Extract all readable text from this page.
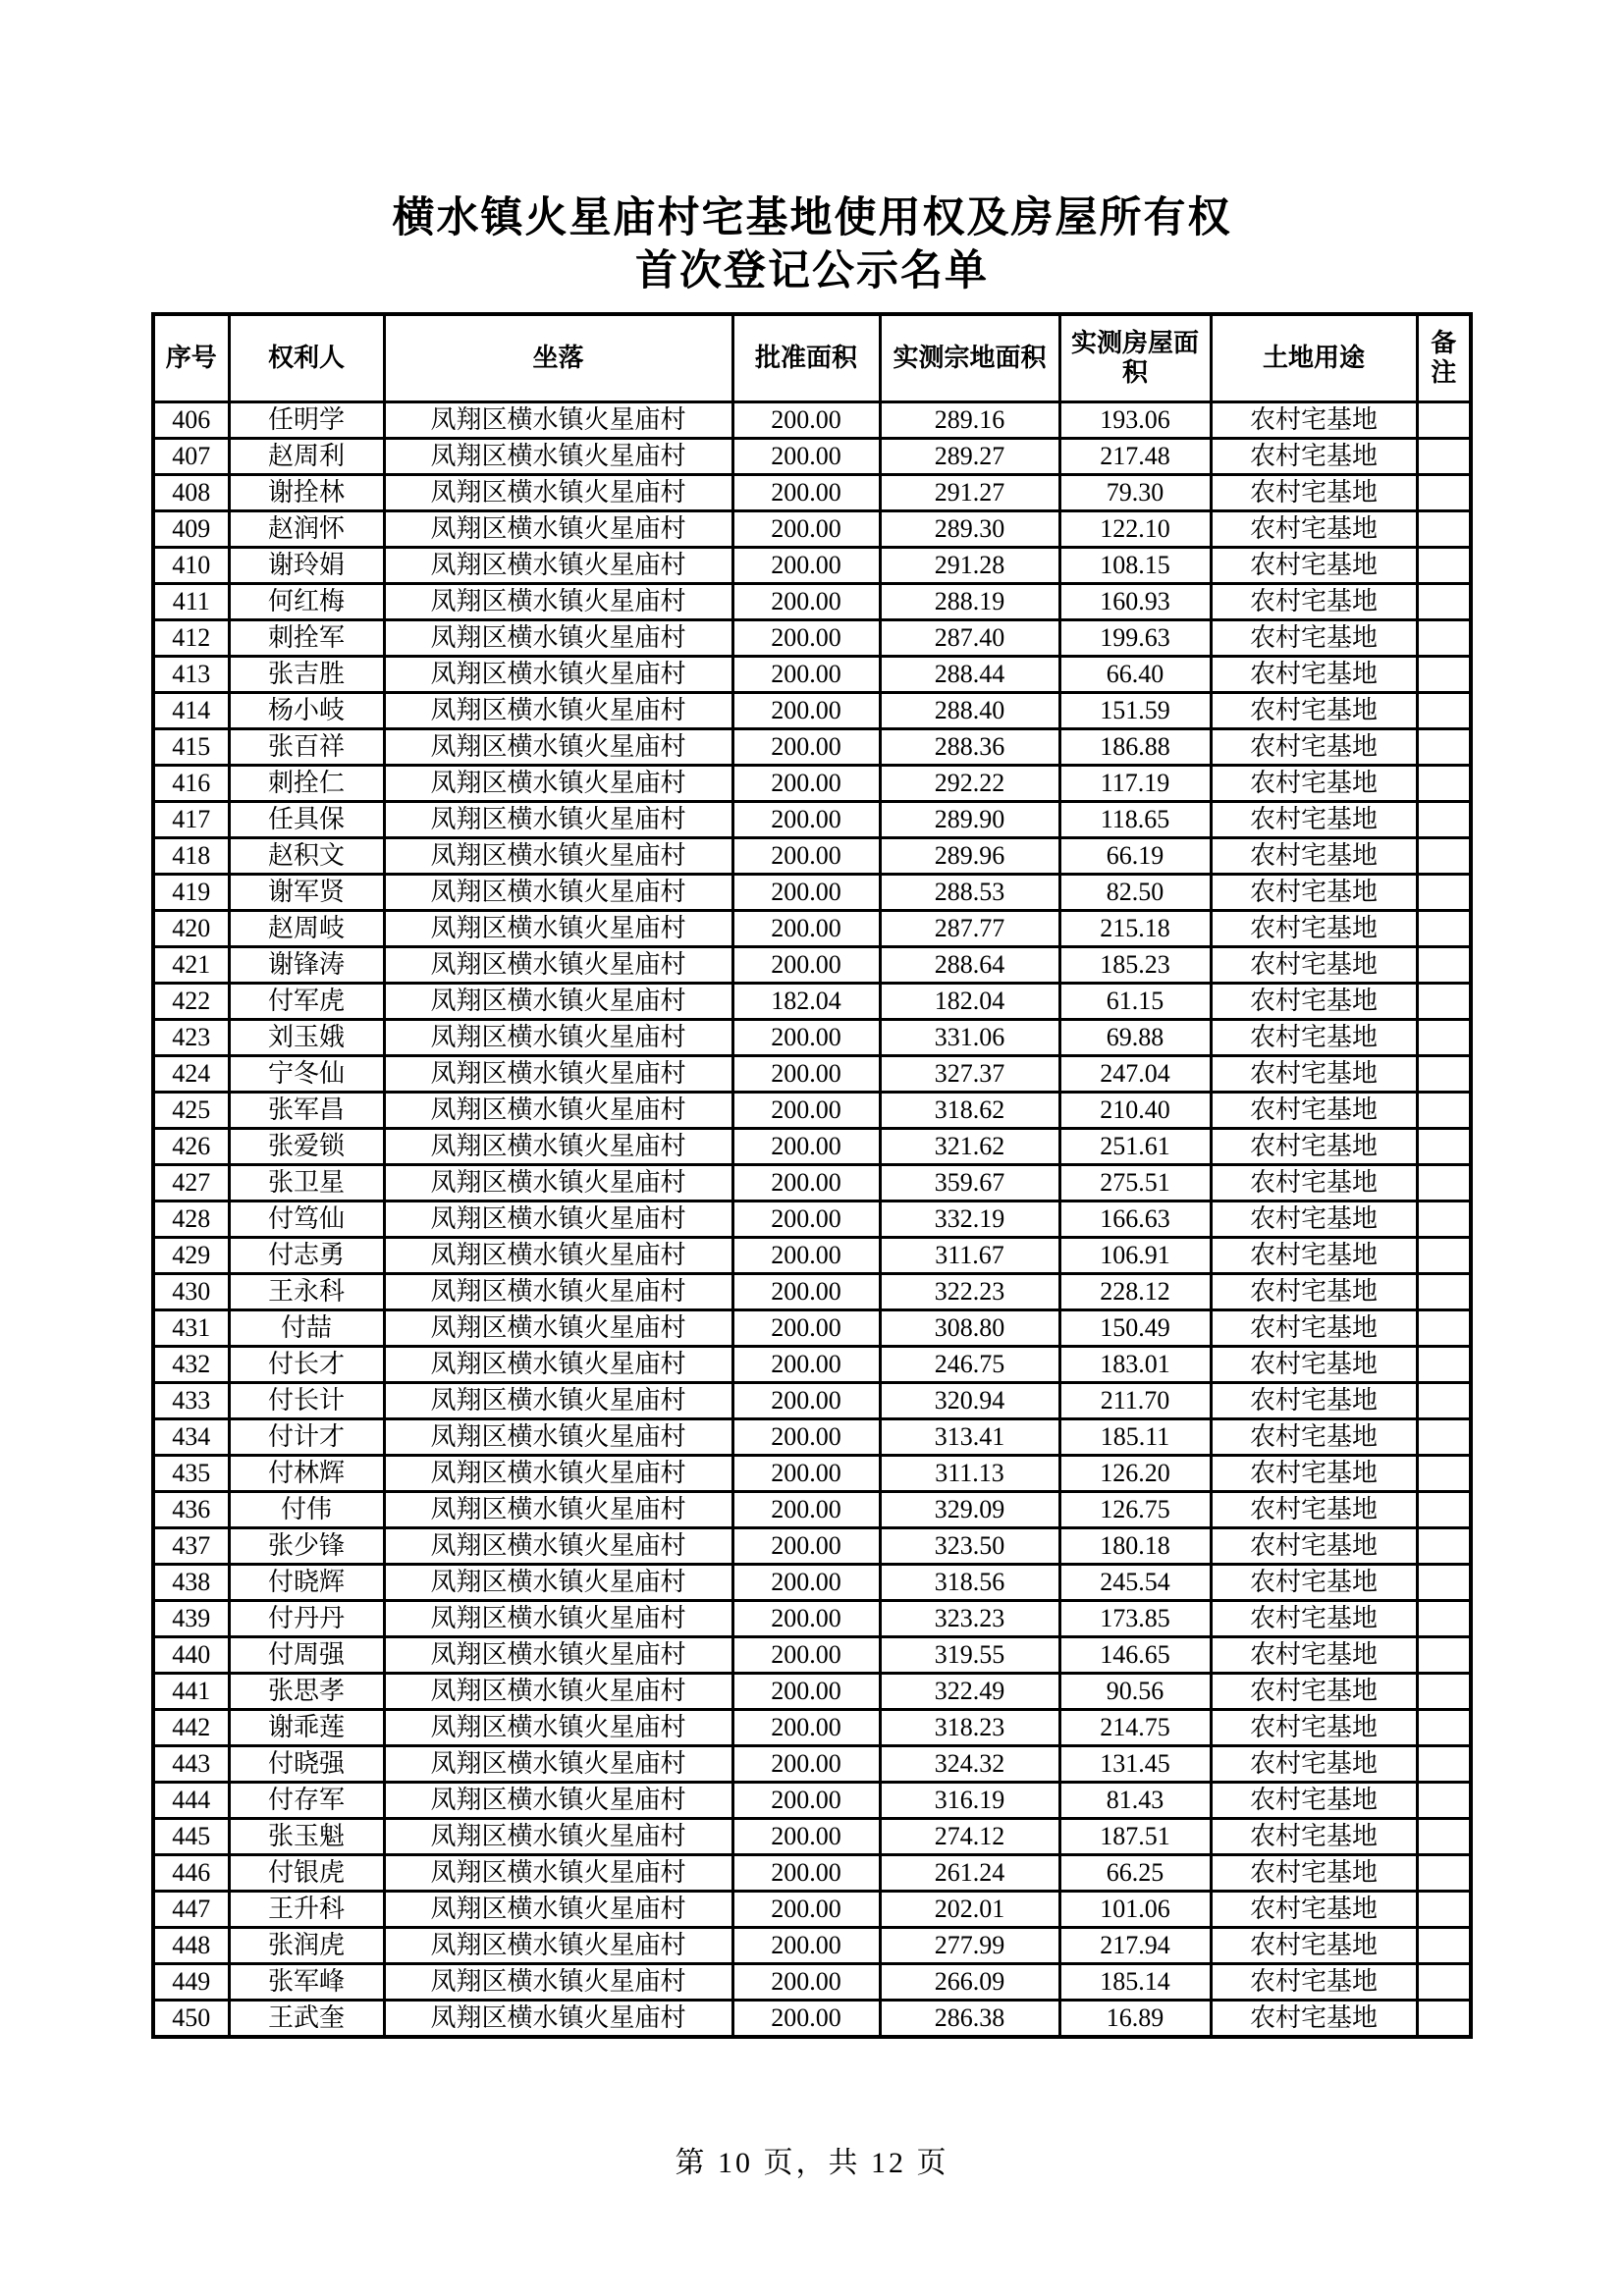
横水镇火星庙村宅基地使用权及房屋所有权
首次登记公示名单
序号	权利人	坐落	批准面积	实测宗地面积	实测房屋面积	土地用途	备注
406	任明学	凤翔区横水镇火星庙村	200.00	289.16	193.06	农村宅基地	
407	赵周利	凤翔区横水镇火星庙村	200.00	289.27	217.48	农村宅基地	
408	谢拴林	凤翔区横水镇火星庙村	200.00	291.27	79.30	农村宅基地	
409	赵润怀	凤翔区横水镇火星庙村	200.00	289.30	122.10	农村宅基地	
410	谢玲娟	凤翔区横水镇火星庙村	200.00	291.28	108.15	农村宅基地	
411	何红梅	凤翔区横水镇火星庙村	200.00	288.19	160.93	农村宅基地	
412	刺拴军	凤翔区横水镇火星庙村	200.00	287.40	199.63	农村宅基地	
413	张吉胜	凤翔区横水镇火星庙村	200.00	288.44	66.40	农村宅基地	
414	杨小岐	凤翔区横水镇火星庙村	200.00	288.40	151.59	农村宅基地	
415	张百祥	凤翔区横水镇火星庙村	200.00	288.36	186.88	农村宅基地	
416	刺拴仁	凤翔区横水镇火星庙村	200.00	292.22	117.19	农村宅基地	
417	任具保	凤翔区横水镇火星庙村	200.00	289.90	118.65	农村宅基地	
418	赵积文	凤翔区横水镇火星庙村	200.00	289.96	66.19	农村宅基地	
419	谢军贤	凤翔区横水镇火星庙村	200.00	288.53	82.50	农村宅基地	
420	赵周岐	凤翔区横水镇火星庙村	200.00	287.77	215.18	农村宅基地	
421	谢锋涛	凤翔区横水镇火星庙村	200.00	288.64	185.23	农村宅基地	
422	付军虎	凤翔区横水镇火星庙村	182.04	182.04	61.15	农村宅基地	
423	刘玉娥	凤翔区横水镇火星庙村	200.00	331.06	69.88	农村宅基地	
424	宁冬仙	凤翔区横水镇火星庙村	200.00	327.37	247.04	农村宅基地	
425	张军昌	凤翔区横水镇火星庙村	200.00	318.62	210.40	农村宅基地	
426	张爱锁	凤翔区横水镇火星庙村	200.00	321.62	251.61	农村宅基地	
427	张卫星	凤翔区横水镇火星庙村	200.00	359.67	275.51	农村宅基地	
428	付笃仙	凤翔区横水镇火星庙村	200.00	332.19	166.63	农村宅基地	
429	付志勇	凤翔区横水镇火星庙村	200.00	311.67	106.91	农村宅基地	
430	王永科	凤翔区横水镇火星庙村	200.00	322.23	228.12	农村宅基地	
431	付喆	凤翔区横水镇火星庙村	200.00	308.80	150.49	农村宅基地	
432	付长才	凤翔区横水镇火星庙村	200.00	246.75	183.01	农村宅基地	
433	付长计	凤翔区横水镇火星庙村	200.00	320.94	211.70	农村宅基地	
434	付计才	凤翔区横水镇火星庙村	200.00	313.41	185.11	农村宅基地	
435	付林辉	凤翔区横水镇火星庙村	200.00	311.13	126.20	农村宅基地	
436	付伟	凤翔区横水镇火星庙村	200.00	329.09	126.75	农村宅基地	
437	张少锋	凤翔区横水镇火星庙村	200.00	323.50	180.18	农村宅基地	
438	付晓辉	凤翔区横水镇火星庙村	200.00	318.56	245.54	农村宅基地	
439	付丹丹	凤翔区横水镇火星庙村	200.00	323.23	173.85	农村宅基地	
440	付周强	凤翔区横水镇火星庙村	200.00	319.55	146.65	农村宅基地	
441	张思孝	凤翔区横水镇火星庙村	200.00	322.49	90.56	农村宅基地	
442	谢乖莲	凤翔区横水镇火星庙村	200.00	318.23	214.75	农村宅基地	
443	付晓强	凤翔区横水镇火星庙村	200.00	324.32	131.45	农村宅基地	
444	付存军	凤翔区横水镇火星庙村	200.00	316.19	81.43	农村宅基地	
445	张玉魁	凤翔区横水镇火星庙村	200.00	274.12	187.51	农村宅基地	
446	付银虎	凤翔区横水镇火星庙村	200.00	261.24	66.25	农村宅基地	
447	王升科	凤翔区横水镇火星庙村	200.00	202.01	101.06	农村宅基地	
448	张润虎	凤翔区横水镇火星庙村	200.00	277.99	217.94	农村宅基地	
449	张军峰	凤翔区横水镇火星庙村	200.00	266.09	185.14	农村宅基地	
450	王武奎	凤翔区横水镇火星庙村	200.00	286.38	16.89	农村宅基地	
第 10 页，共 12 页
